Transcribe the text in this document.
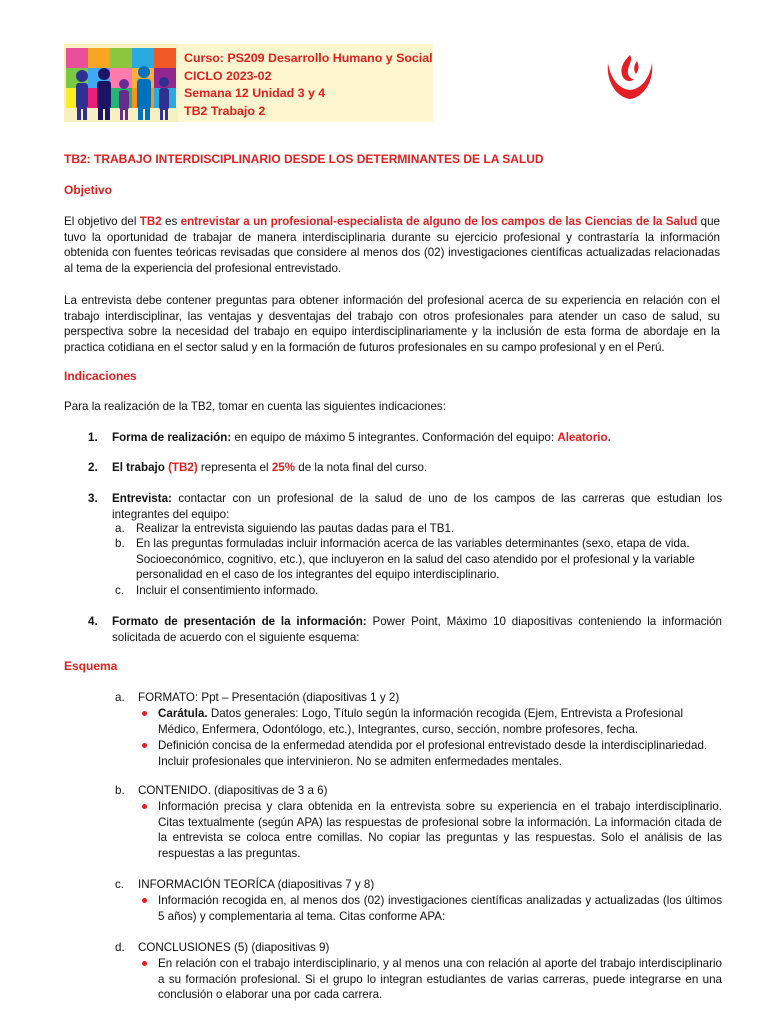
Curso: PS209 Desarrollo Humano y Social
CICLO 2023-02
Semana 12 Unidad 3 y 4
TB2 Trabajo 2
TB2: TRABAJO INTERDISCIPLINARIO DESDE LOS DETERMINANTES DE LA SALUD
Objetivo
El objetivo del TB2 es entrevistar a un profesional-especialista de alguno de los campos de las Ciencias de la Salud que tuvo la oportunidad de trabajar de manera interdisciplinaria durante su ejercicio profesional y contrastaría la información obtenida con fuentes teóricas revisadas que considere al menos dos (02) investigaciones científicas actualizadas relacionadas al tema de la experiencia del profesional entrevistado.
La entrevista debe contener preguntas para obtener información del profesional acerca de su experiencia en relación con el trabajo interdisciplinar, las ventajas y desventajas del trabajo con otros profesionales para atender un caso de salud, su perspectiva sobre la necesidad del trabajo en equipo interdisciplinariamente y la inclusión de esta forma de abordaje en la practica cotidiana en el sector salud y en la formación de futuros profesionales en su campo profesional y en el Perú.
Indicaciones
Para la realización de la TB2, tomar en cuenta las siguientes indicaciones:
1. Forma de realización: en equipo de máximo 5 integrantes. Conformación del equipo: Aleatorio.
2. El trabajo (TB2) representa el 25% de la nota final del curso.
3. Entrevista: contactar con un profesional de la salud de uno de los campos de las carreras que estudian los integrantes del equipo:
a. Realizar la entrevista siguiendo las pautas dadas para el TB1.
b. En las preguntas formuladas incluir información acerca de las variables determinantes (sexo, etapa de vida. Socioeconómico, cognitivo, etc.), que incluyeron en la salud del caso atendido por el profesional y la variable personalidad en el caso de los integrantes del equipo interdisciplinario.
c. Incluir el consentimiento informado.
4. Formato de presentación de la información: Power Point, Máximo 10 diapositivas conteniendo la información solicitada de acuerdo con el siguiente esquema:
Esquema
a. FORMATO: Ppt – Presentación (diapositivas 1 y 2)
Carátula. Datos generales: Logo, Título según la información recogida (Ejem, Entrevista a Profesional Médico, Enfermera, Odontólogo, etc.), Integrantes, curso, sección, nombre profesores, fecha.
Definición concisa de la enfermedad atendida por el profesional entrevistado desde la interdisciplinariedad. Incluir profesionales que intervinieron. No se admiten enfermedades mentales.
b. CONTENIDO. (diapositivas de 3 a 6)
Información precisa y clara obtenida en la entrevista sobre su experiencia en el trabajo interdisciplinario. Citas textualmente (según APA) las respuestas de profesional sobre la información. La información citada de la entrevista se coloca entre comillas. No copiar las preguntas y las respuestas. Solo el análisis de las respuestas a las preguntas.
c. INFORMACIÓN TEORÍCA (diapositivas 7 y 8)
Información recogida en, al menos dos (02) investigaciones científicas analizadas y actualizadas (los últimos 5 años) y complementaria al tema. Citas conforme APA:
d. CONCLUSIONES (5) (diapositivas 9)
En relación con el trabajo interdisciplinario, y al menos una con relación al aporte del trabajo interdisciplinario a su formación profesional. Si el grupo lo integran estudiantes de varias carreras, puede integrarse en una conclusión o elaborar una por cada carrera.
